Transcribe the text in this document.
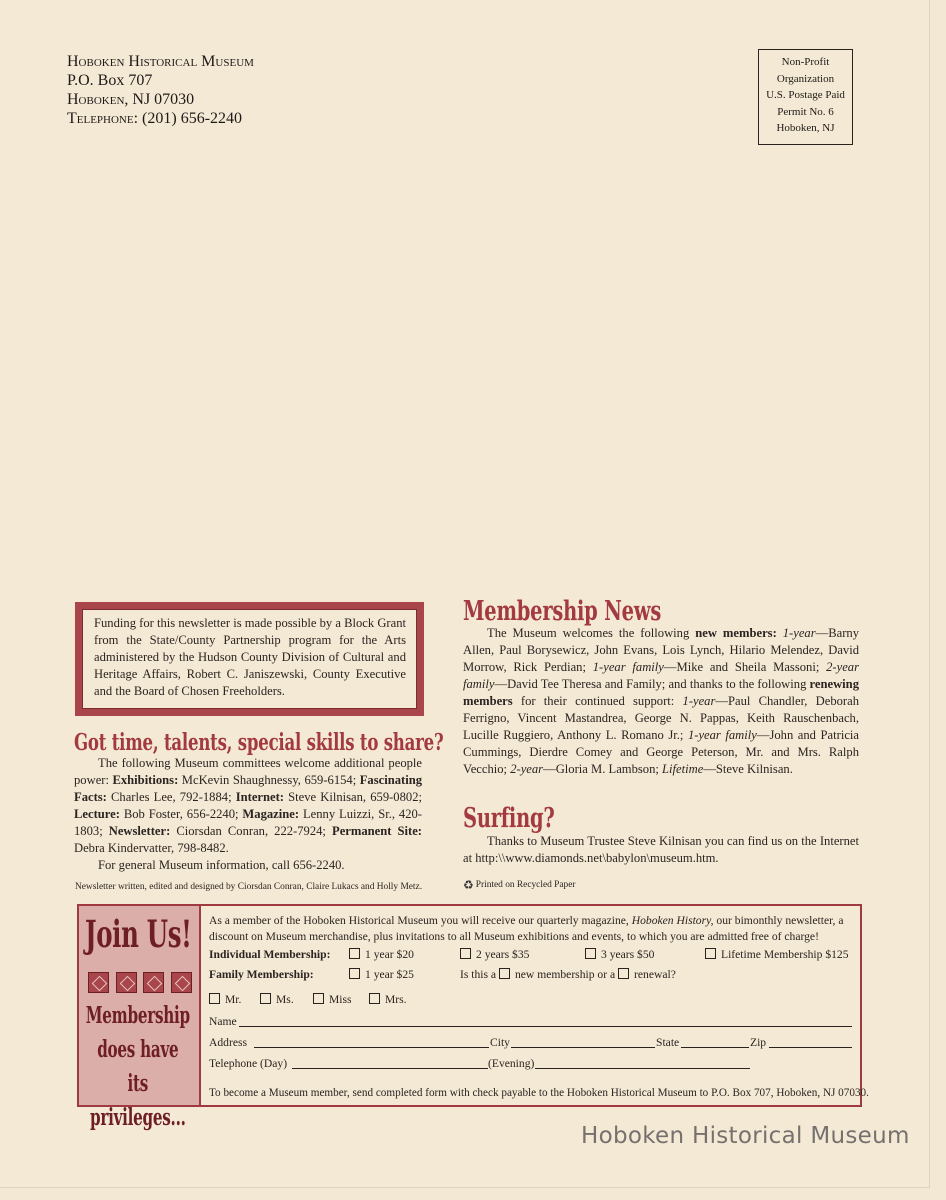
Hoboken Historical Museum
P.O. Box 707
Hoboken, NJ 07030
Telephone: (201) 656-2240
Non-Profit
Organization
U.S. Postage Paid
Permit No. 6
Hoboken, NJ
Funding for this newsletter is made possible by a Block Grant from the State/County Partnership program for the Arts administered by the Hudson County Division of Cultural and Heritage Affairs, Robert C. Janiszewski, County Executive and the Board of Chosen Freeholders.
Got time, talents, special skills to share?

The following Museum committees welcome additional people power: Exhibitions: McKevin Shaughnessy, 659-6154; Fascinating Facts: Charles Lee, 792-1884; Internet: Steve Kilnisan, 659-0802; Lecture: Bob Foster, 656-2240; Magazine: Lenny Luizzi, Sr., 420-1803; Newsletter: Ciorsdan Conran, 222-7924; Permanent Site: Debra Kindervatter, 798-8482.

For general Museum information, call 656-2240.

Newsletter written, edited and designed by Ciorsdan Conran, Claire Lukacs and Holly Metz.
Membership News

The Museum welcomes the following new members: 1-year—Barny Allen, Paul Borysewicz, John Evans, Lois Lynch, Hilario Melendez, David Morrow, Rick Perdian; 1-year family—Mike and Sheila Massoni; 2-year family—David Tee Theresa and Family; and thanks to the following renewing members for their continued support: 1-year—Paul Chandler, Deborah Ferrigno, Vincent Mastandrea, George N. Pappas, Keith Rauschenbach, Lucille Ruggiero, Anthony L. Romano Jr.; 1-year family—John and Patricia Cummings, Dierdre Comey and George Peterson, Mr. and Mrs. Ralph Vecchio; 2-year—Gloria M. Lambson; Lifetime—Steve Kilnisan.

Surfing?

Thanks to Museum Trustee Steve Kilnisan you can find us on the Internet at http:\\www.diamonds.net\babylon\museum.htm.

♻ Printed on Recycled Paper
Join Us!
Membership
does have its
privileges...

As a member of the Hoboken Historical Museum you will receive our quarterly magazine, Hoboken History, our bimonthly newsletter, a discount on Museum merchandise, plus invitations to all Museum exhibitions and events, to which you are admitted free of charge!

Individual Membership:	1 year $20	2 years $35	3 years $50	Lifetime Membership $125
Family Membership:	1 year $25	Is this a new membership or a renewal?
Mr.	Ms.	Miss	Mrs.
Name
Address	City	State	Zip
Telephone (Day)	(Evening)
To become a Museum member, send completed form with check payable to the Hoboken Historical Museum to P.O. Box 707, Hoboken, NJ 07030.
Hoboken Historical Museum
